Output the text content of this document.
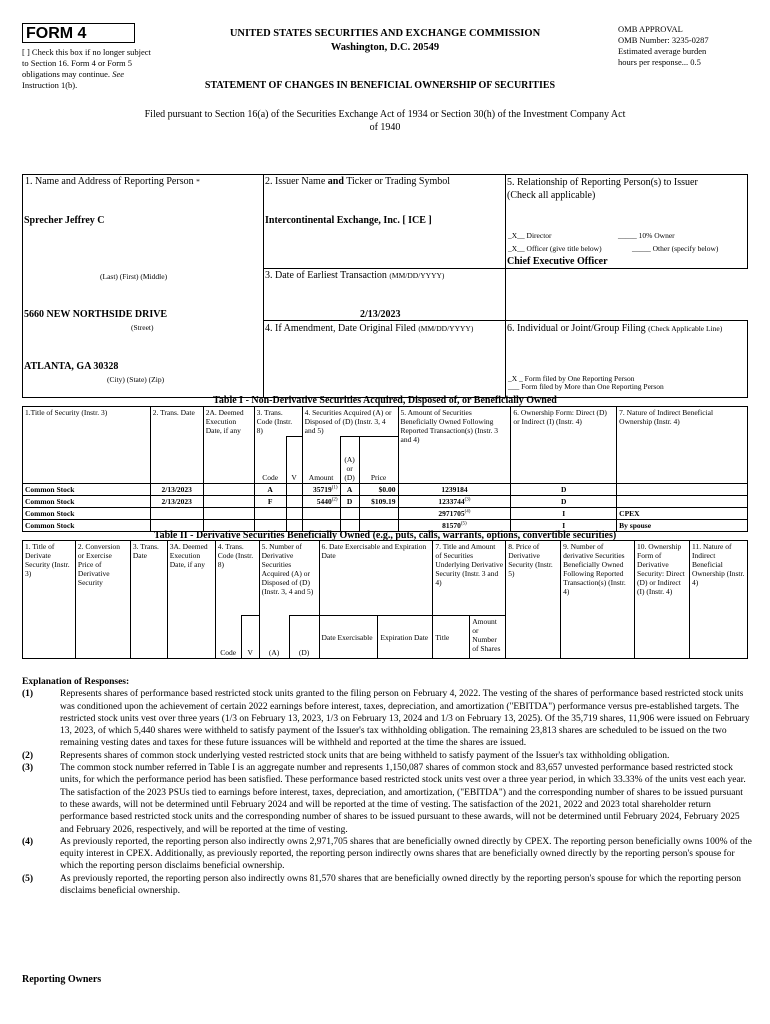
FORM 4
[ ] Check this box if no longer subject to Section 16. Form 4 or Form 5 obligations may continue. See Instruction 1(b).
UNITED STATES SECURITIES AND EXCHANGE COMMISSION
Washington, D.C. 20549
OMB APPROVAL
OMB Number: 3235-0287
Estimated average burden
hours per response... 0.5
STATEMENT OF CHANGES IN BENEFICIAL OWNERSHIP OF SECURITIES
Filed pursuant to Section 16(a) of the Securities Exchange Act of 1934 or Section 30(h) of the Investment Company Act of 1940
1. Name and Address of Reporting Person *
Sprecher Jeffrey C
(Last) (First) (Middle)
5660 NEW NORTHSIDE DRIVE
(Street)
ATLANTA, GA 30328
(City) (State) (Zip)
2. Issuer Name and Ticker or Trading Symbol
Intercontinental Exchange, Inc. [ ICE ]
3. Date of Earliest Transaction (MM/DD/YYYY)
2/13/2023
4. If Amendment, Date Original Filed (MM/DD/YYYY)
5. Relationship of Reporting Person(s) to Issuer
(Check all applicable)
_X__ Director	_____ 10% Owner
_X__ Officer (give title below)	_____ Other (specify below)
Chief Executive Officer
6. Individual or Joint/Group Filing (Check Applicable Line)
_X _ Form filed by One Reporting Person
___ Form filed by More than One Reporting Person
Table I - Non-Derivative Securities Acquired, Disposed of, or Beneficially Owned
1.Title of Security (Instr. 3)	2. Trans. Date	2A. Deemed Execution Date, if any	3. Trans. Code (Instr. 8)		4. Securities Acquired (A) or Disposed of (D) (Instr. 3, 4 and 5)			5. Amount of Securities Beneficially Owned Following Reported Transaction(s) (Instr. 3 and 4)	6. Ownership Form: Direct (D) or Indirect (I) (Instr. 4)	7. Nature of Indirect Beneficial Ownership (Instr. 4)
			Code	V	Amount	(A) or (D)	Price			
Common Stock	2/13/2023		A		35719$^{(1)}$	A	$0.00	1239184	D	
Common Stock	2/13/2023		F		5440$^{(2)}$	D	$109.19	1233744$^{(3)}$	D	
Common Stock								2971705$^{(4)}$	I	CPEX
Common Stock								81570$^{(5)}$	I	By spouse
Table II - Derivative Securities Beneficially Owned (e.g., puts, calls, warrants, options, convertible securities)
1. Title of Derivate Security (Instr. 3)	2. Conversion or Exercise Price of Derivative Security	3. Trans. Date	3A. Deemed Execution Date, if any	4. Trans. Code (Instr. 8)		5. Number of Derivative Securities Acquired (A) or Disposed of (D) (Instr. 3, 4 and 5)		6. Date Exercisable and Expiration Date		7. Title and Amount of Securities Underlying Derivative Security (Instr. 3 and 4)		8. Price of Derivative Security (Instr. 5)	9. Number of derivative Securities Beneficially Owned Following Reported Transaction(s) (Instr. 4)	10. Ownership Form of Derivative Security: Direct (D) or Indirect (I) (Instr. 4)	11. Nature of Indirect Beneficial Ownership (Instr. 4)
				Code	V	(A)	(D)	Date Exercisable	Expiration Date	Title	Amount or Number of Shares				
Explanation of Responses:
(1)	Represents shares of performance based restricted stock units granted to the filing person on February 4, 2022. The vesting of the shares of performance based restricted stock units was conditioned upon the achievement of certain 2022 earnings before interest, taxes, depreciation, and amortization ("EBITDA") performance versus pre-established targets. The restricted stock units vest over three years (1/3 on February 13, 2023, 1/3 on February 13, 2024 and 1/3 on February 13, 2025). Of the 35,719 shares, 11,906 were issued on February 13, 2023, of which 5,440 shares were withheld to satisfy payment of the Issuer's tax withholding obligation. The remaining 23,813 shares are scheduled to be issued on the two remaining vesting dates and taxes for these future issuances will be withheld and reported at the time the shares are issued.
(2)	Represents shares of common stock underlying vested restricted stock units that are being withheld to satisfy payment of the Issuer's tax withholding obligation.
(3)	The common stock number referred in Table I is an aggregate number and represents 1,150,087 shares of common stock and 83,657 unvested performance based restricted stock units, for which the performance period has been satisfied. These performance based restricted stock units vest over a three year period, in which 33.33% of the units vest each year. The satisfaction of the 2023 PSUs tied to earnings before interest, taxes, depreciation, and amortization, ("EBITDA") and the corresponding number of shares to be issued pursuant to these awards, will not be determined until February 2024 and will be reported at the time of vesting. The satisfaction of the 2021, 2022 and 2023 total shareholder return performance based restricted stock units and the corresponding number of shares to be issued pursuant to these awards, will not be determined until February 2024, February 2025 and February 2026, respectively, and will be reported at the time of vesting.
(4)	As previously reported, the reporting person also indirectly owns 2,971,705 shares that are beneficially owned directly by CPEX. The reporting person beneficially owns 100% of the equity interest in CPEX. Additionally, as previously reported, the reporting person indirectly owns shares that are beneficially owned directly by the reporting person's spouse for which the reporting person disclaims beneficial ownership.
(5)	As previously reported, the reporting person also indirectly owns 81,570 shares that are beneficially owned directly by the reporting person's spouse for which the reporting person disclaims beneficial ownership.
Reporting Owners
